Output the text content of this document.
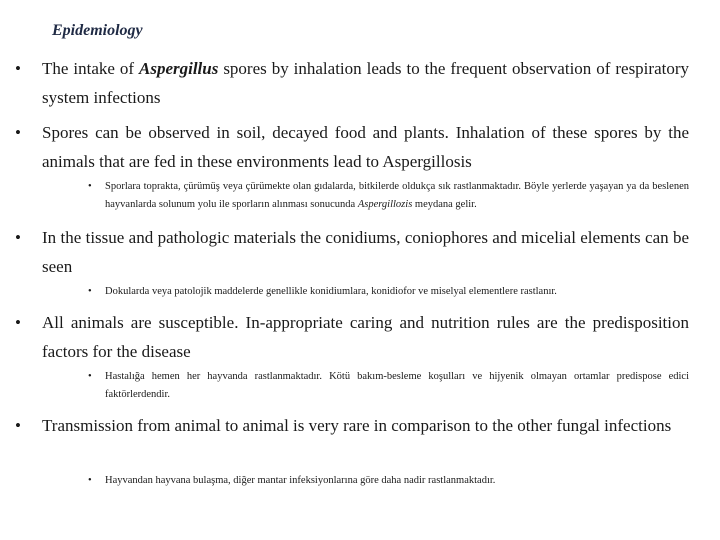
Epidemiology
• The intake of Aspergillus spores by inhalation leads to the frequent observation of respiratory system infections
• Spores can be observed in soil, decayed food and plants. Inhalation of these spores by the animals that are fed in these environments lead to Aspergillosis
•	Sporlara toprakta, çürümüş veya çürümekte olan gıdalarda, bitkilerde oldukça sık rastlanmaktadır. Böyle yerlerde yaşayan ya da beslenen hayvanlarda solunum yolu ile sporların alınması sonucunda Aspergillozis meydana gelir.
• In the tissue and pathologic materials the conidiums, coniophores and micelial elements can be seen
•	Dokularda veya patolojik maddelerde genellikle konidiumlara, konidiofor ve miselyal elementlere rastlanır.
• All animals are susceptible. In-appropriate caring and nutrition rules are the predisposition factors for the disease
•	Hastalığa hemen her hayvanda rastlanmaktadır. Kötü bakım-besleme koşulları ve hijyenik olmayan ortamlar predispose edici faktörlerdendir.
• Transmission from animal to animal is very rare in comparison to the other fungal infections
•	Hayvandan hayvana bulaşma, diğer mantar infeksiyonlarına göre daha nadir rastlanmaktadır.
